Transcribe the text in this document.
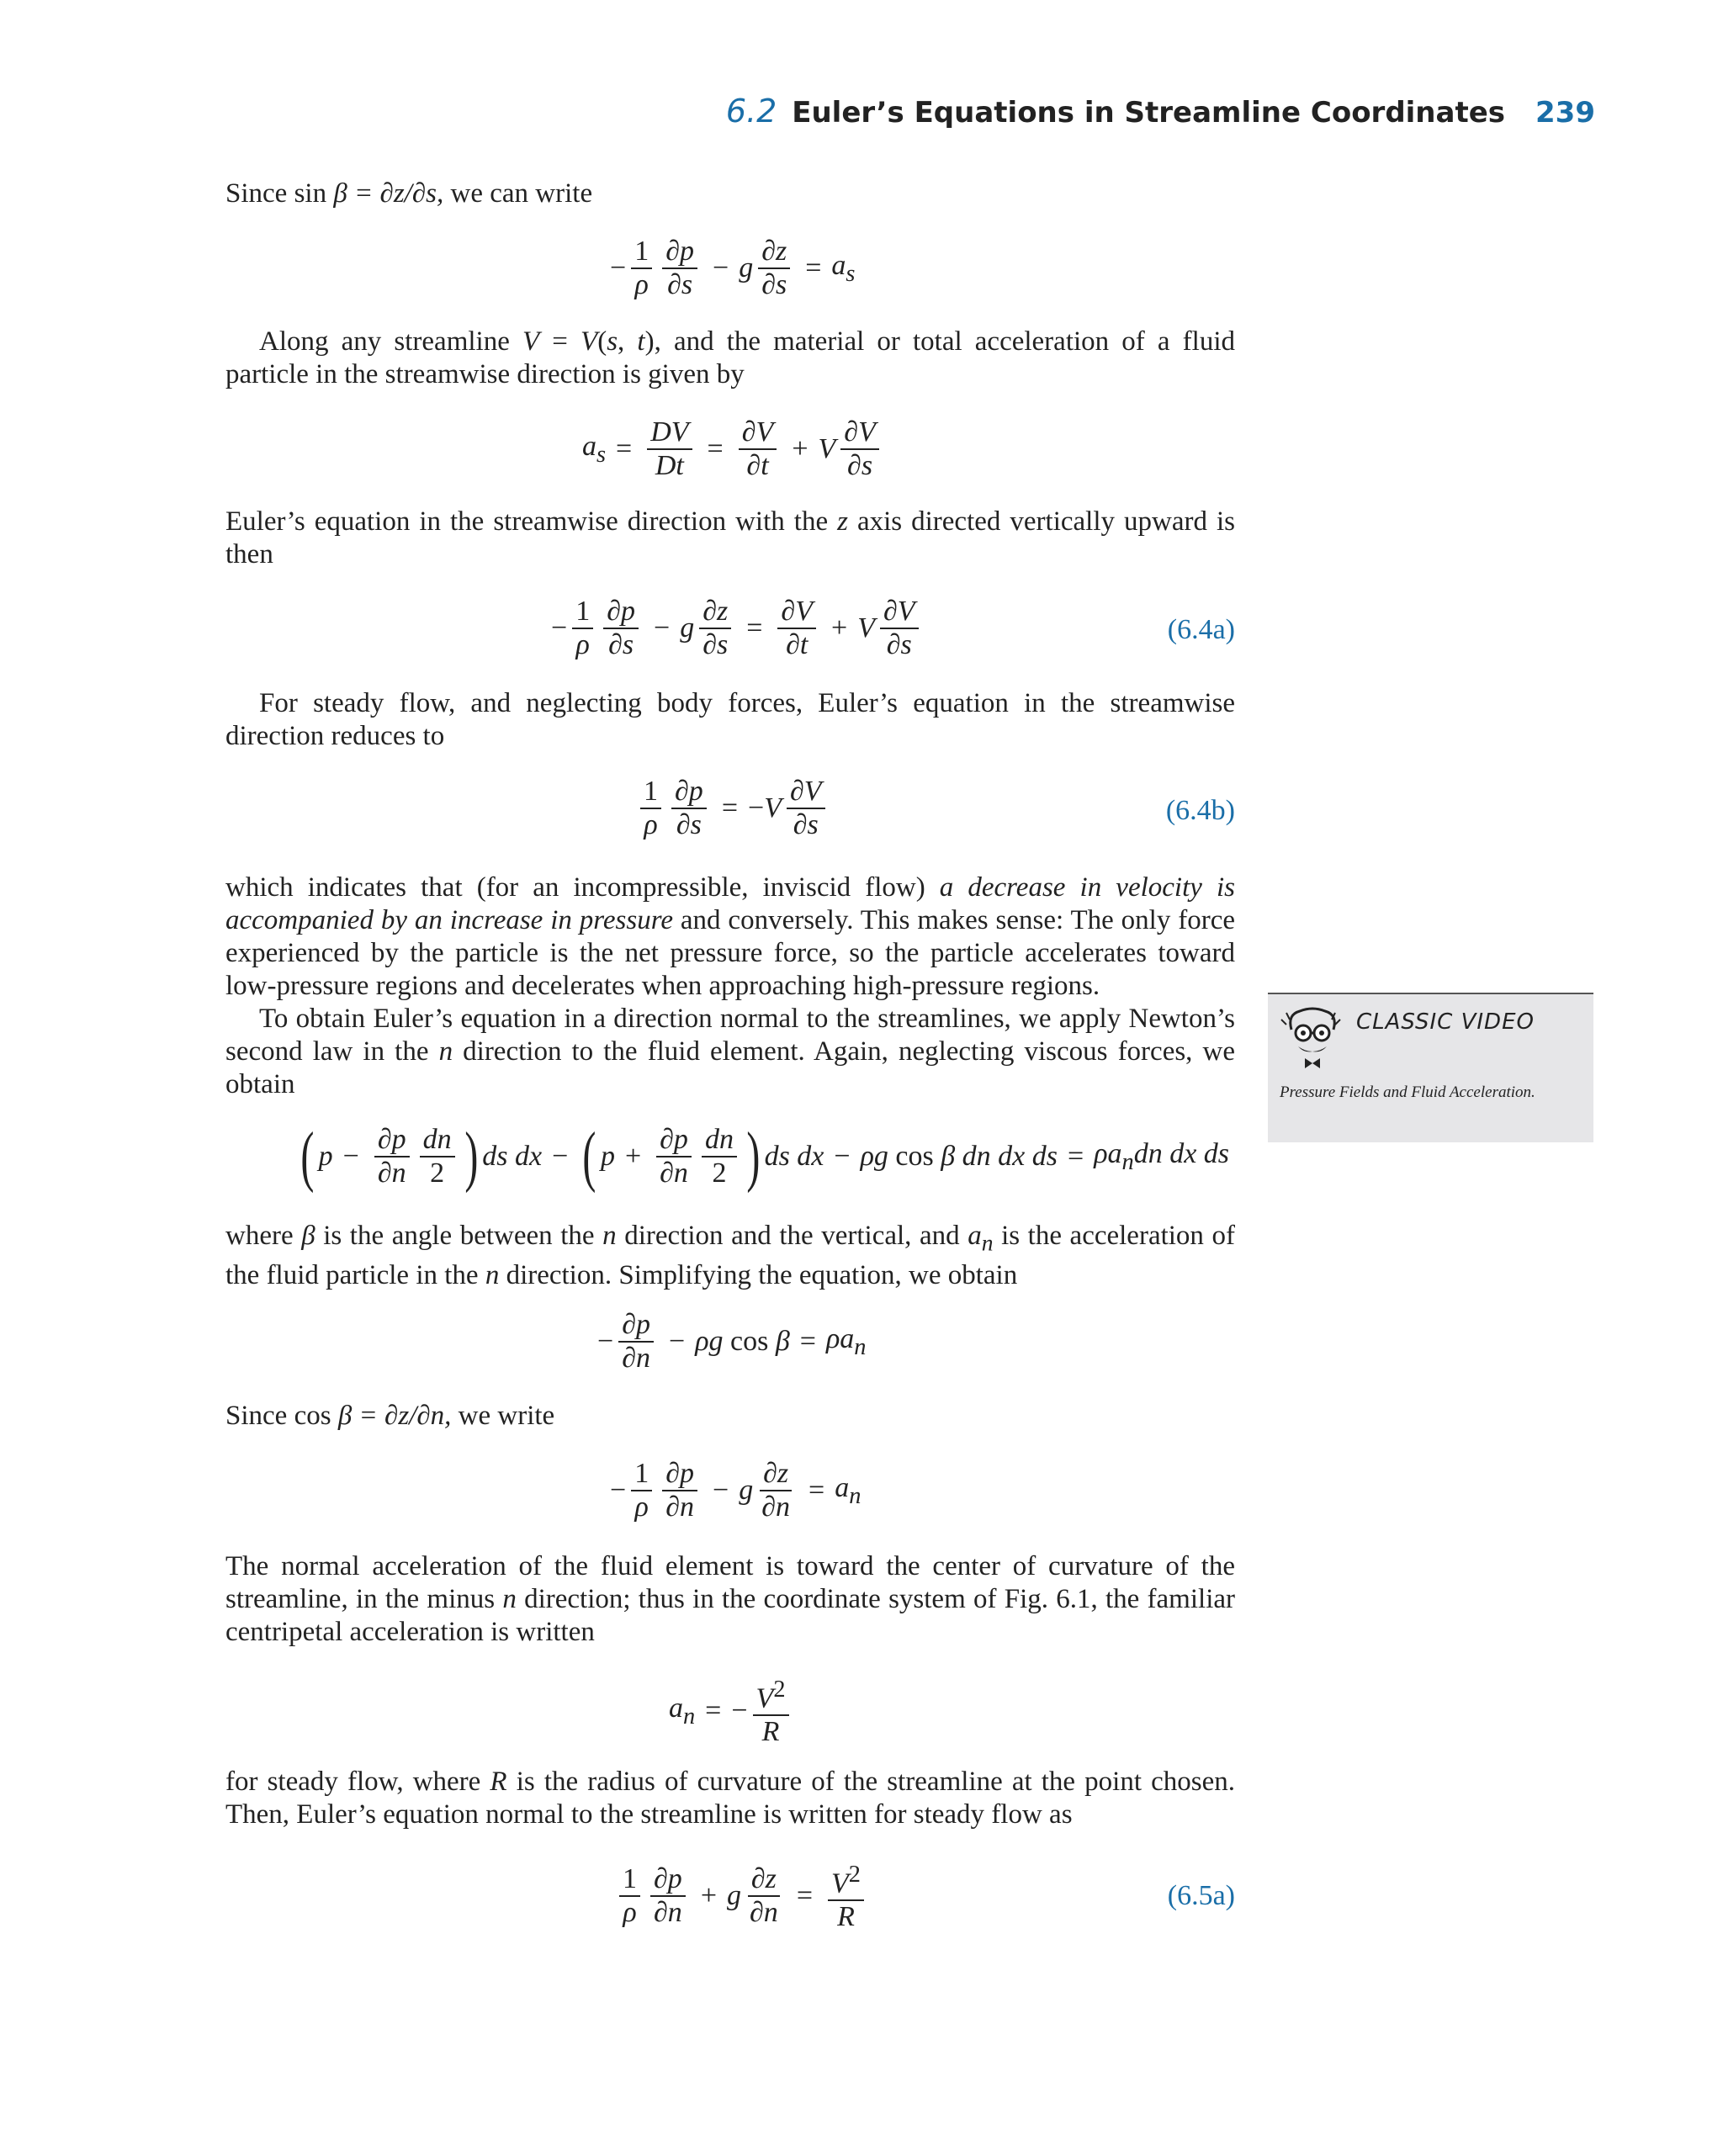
6.2 Euler’s Equations in Streamline Coordinates 239

Since sin β = ∂z/∂s, we can write

− $\frac{1}{\rho} \frac{\partial p}{\partial s} - g \frac{\partial z}{\partial s} = a_s$

Along any streamline V = V(s, t), and the material or total acceleration of a fluid particle in the streamwise direction is given by

$a_s = \frac{DV}{Dt} = \frac{\partial V}{\partial t} + V \frac{\partial V}{\partial s}$

Euler’s equation in the streamwise direction with the z axis directed vertically upward is then

− $\frac{1}{\rho} \frac{\partial p}{\partial s} - g \frac{\partial z}{\partial s} = \frac{\partial V}{\partial t} + V \frac{\partial V}{\partial s}$	(6.4a)

For steady flow, and neglecting body forces, Euler’s equation in the streamwise direction reduces to

$\frac{1}{\rho} \frac{\partial p}{\partial s}$ = − V $\frac{\partial V}{\partial s}$	(6.4b)

which indicates that (for an incompressible, inviscid flow) a decrease in velocity is accompanied by an increase in pressure and conversely. This makes sense: The only force experienced by the particle is the net pressure force, so the particle accelerates toward low-pressure regions and decelerates when approaching high-pressure regions.

To obtain Euler’s equation in a direction normal to the streamlines, we apply Newton’s second law in the n direction to the fluid element. Again, neglecting viscous forces, we obtain

CLASSIC VIDEO
Pressure Fields and Fluid Acceleration.
( $p - \frac{\partial p}{\partial n} \frac{dn}{2}$ ) ds dx − ( $p + \frac{\partial p}{\partial n} \frac{dn}{2}$ ) ds dx − ρg cos β dn dx ds = $\rho a_ndn$ dx ds

where β is the angle between the n direction and the vertical, and $a_n$ is the acceleration of the fluid particle in the n direction. Simplifying the equation, we obtain

− $\frac{\partial p}{\partial n} - \rho g$ $\cos \beta = \rho a_n$

Since cos β = ∂z/∂n, we write

− $\frac{1}{\rho} \frac{\partial p}{\partial n} - g \frac{\partial z}{\partial n} = a_n$

The normal acceleration of the fluid element is toward the center of curvature of the streamline, in the minus n direction; thus in the coordinate system of Fig. 6.1, the familiar centripetal acceleration is written

$a_n$ = − $\frac{V^2}{R}$

for steady flow, where R is the radius of curvature of the streamline at the point chosen. Then, Euler’s equation normal to the streamline is written for steady flow as

$\frac{1}{\rho} \frac{\partial p}{\partial n} + g \frac{\partial z}{\partial n} = \frac{V^2}{R}$	(6.5a)
